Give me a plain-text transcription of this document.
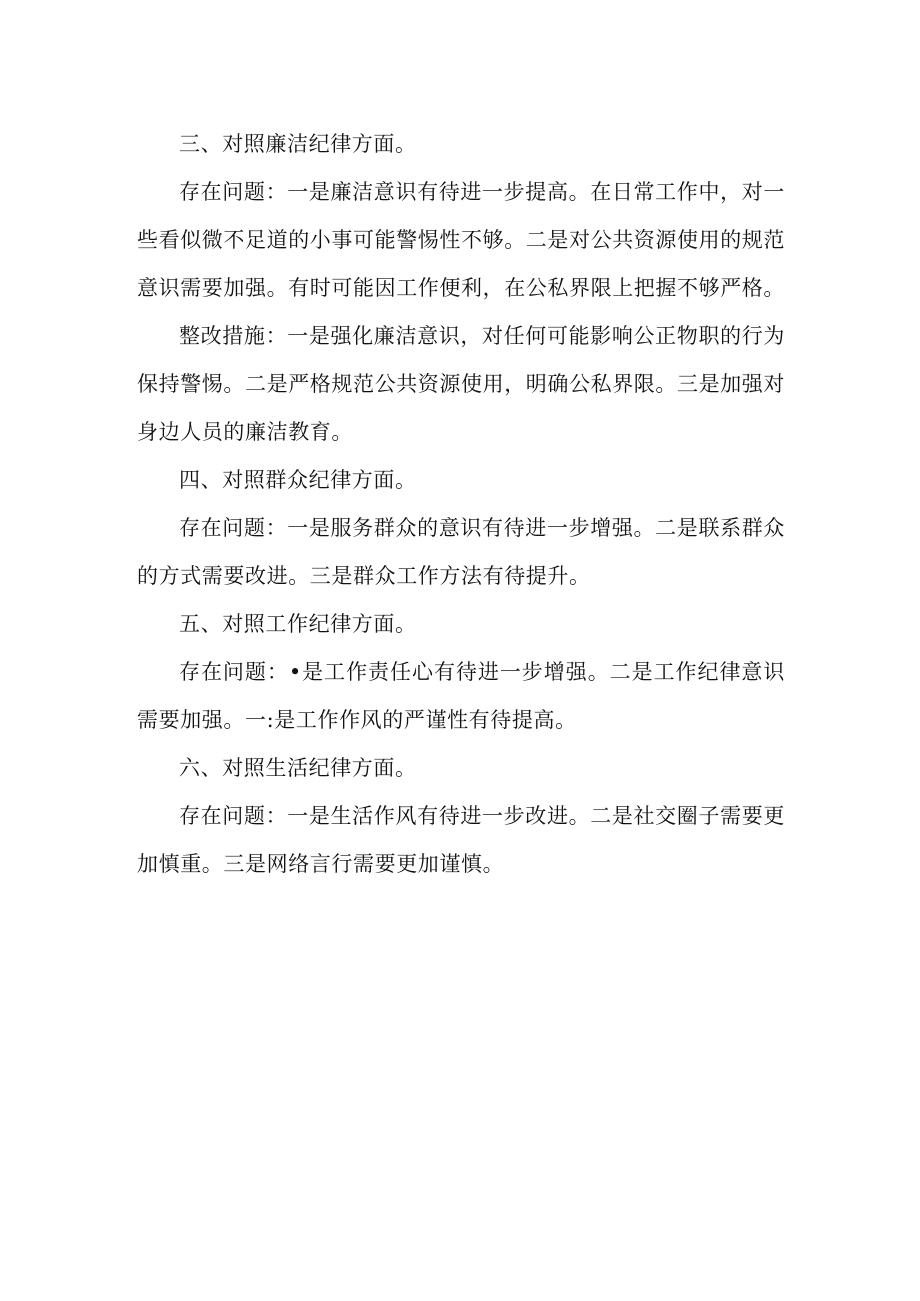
三、对照廉洁纪律方面。

存在问题：一是廉洁意识有待进一步提高。在日常工作中，对一些看似微不足道的小事可能警惕性不够。二是对公共资源使用的规范意识需要加强。有时可能因工作便利，在公私界限上把握不够严格。

整改措施：一是强化廉洁意识，对任何可能影响公正物职的行为保持警惕。二是严格规范公共资源使用，明确公私界限。三是加强对身边人员的廉洁教育。

四、对照群众纪律方面。

存在问题：一是服务群众的意识有待进一步增强。二是联系群众的方式需要改进。三是群众工作方法有待提升。

五、对照工作纪律方面。

存在问题：•是工作责任心有待进一步增强。二是工作纪律意识需要加强。一:是工作作风的严谨性有待提高。

六、对照生活纪律方面。

存在问题：一是生活作风有待进一步改进。二是社交圈子需要更加慎重。三是网络言行需要更加谨慎。
